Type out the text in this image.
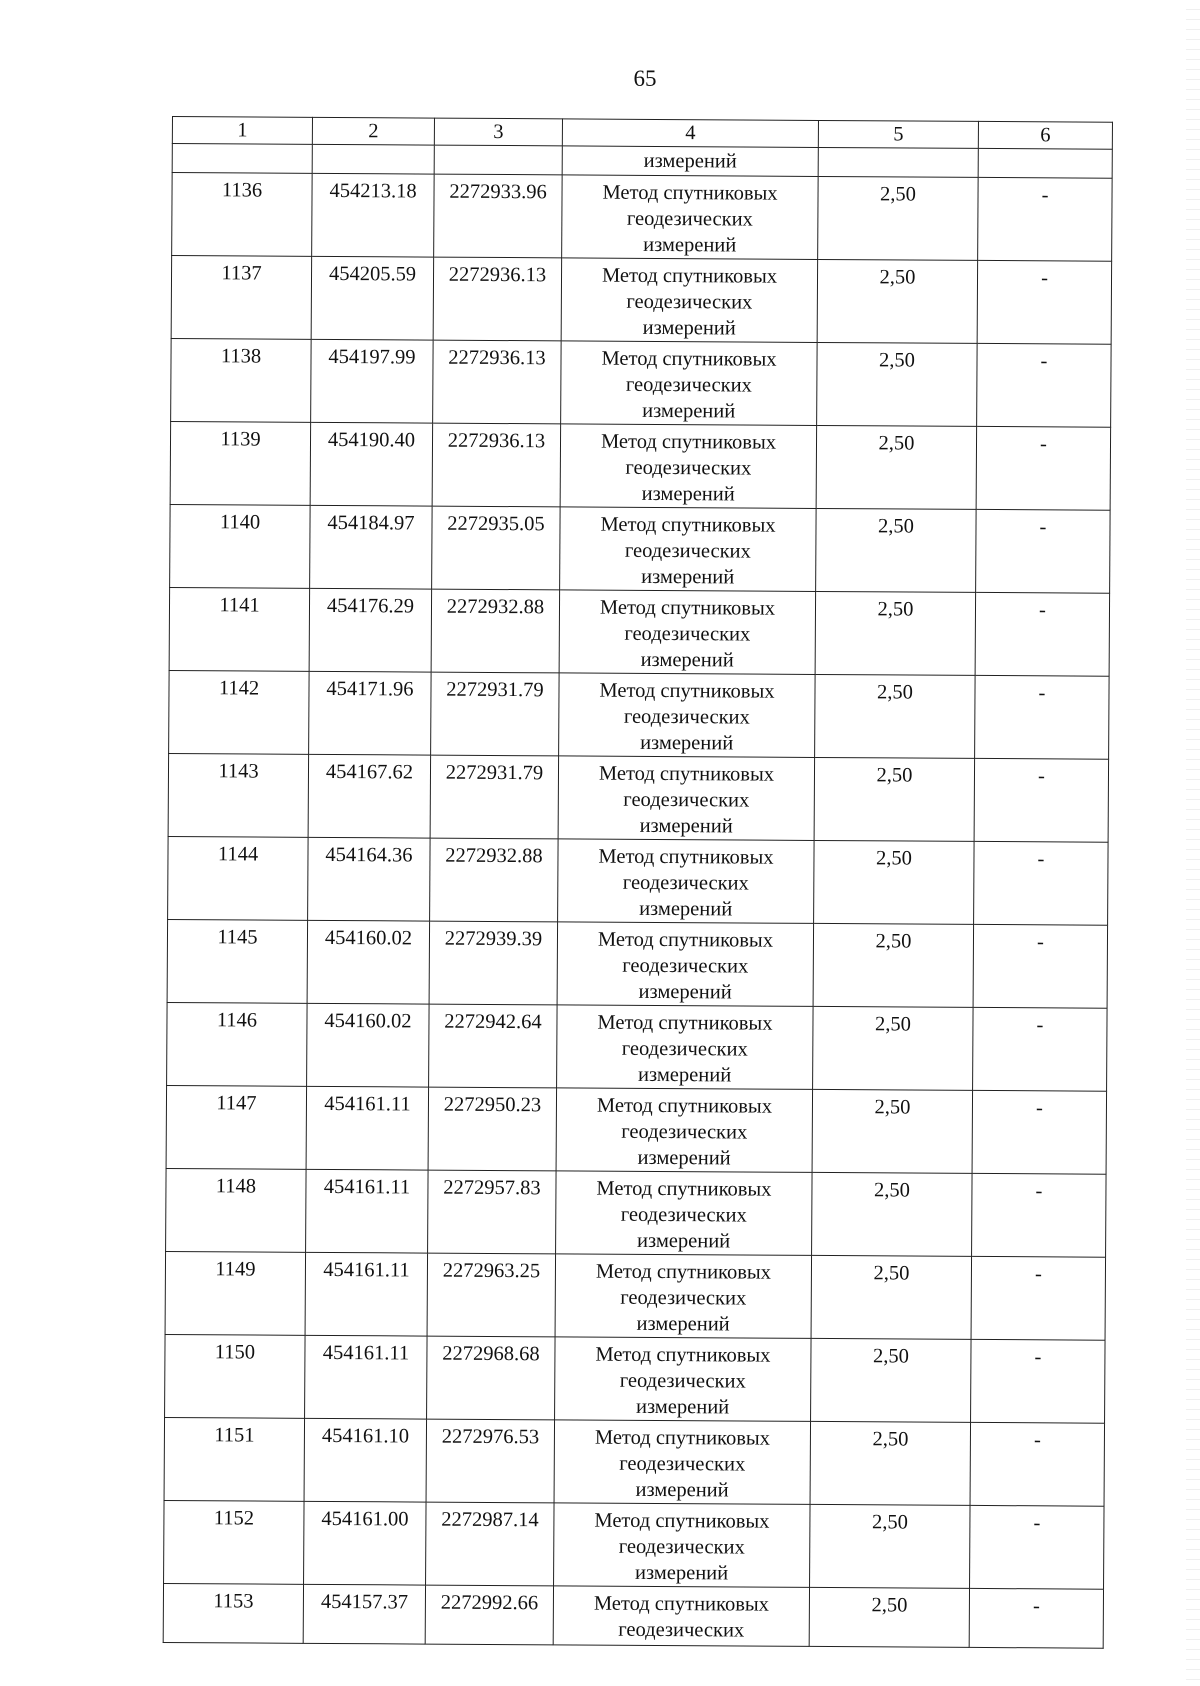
65
1	2	3	4	5	6
			измерений		
1136	454213.18	2272933.96	Метод спутниковых
геодезических
измерений	2,50	-
1137	454205.59	2272936.13	Метод спутниковых
геодезических
измерений	2,50	-
1138	454197.99	2272936.13	Метод спутниковых
геодезических
измерений	2,50	-
1139	454190.40	2272936.13	Метод спутниковых
геодезических
измерений	2,50	-
1140	454184.97	2272935.05	Метод спутниковых
геодезических
измерений	2,50	-
1141	454176.29	2272932.88	Метод спутниковых
геодезических
измерений	2,50	-
1142	454171.96	2272931.79	Метод спутниковых
геодезических
измерений	2,50	-
1143	454167.62	2272931.79	Метод спутниковых
геодезических
измерений	2,50	-
1144	454164.36	2272932.88	Метод спутниковых
геодезических
измерений	2,50	-
1145	454160.02	2272939.39	Метод спутниковых
геодезических
измерений	2,50	-
1146	454160.02	2272942.64	Метод спутниковых
геодезических
измерений	2,50	-
1147	454161.11	2272950.23	Метод спутниковых
геодезических
измерений	2,50	-
1148	454161.11	2272957.83	Метод спутниковых
геодезических
измерений	2,50	-
1149	454161.11	2272963.25	Метод спутниковых
геодезических
измерений	2,50	-
1150	454161.11	2272968.68	Метод спутниковых
геодезических
измерений	2,50	-
1151	454161.10	2272976.53	Метод спутниковых
геодезических
измерений	2,50	-
1152	454161.00	2272987.14	Метод спутниковых
геодезических
измерений	2,50	-
1153	454157.37	2272992.66	Метод спутниковых
геодезических	2,50	-
